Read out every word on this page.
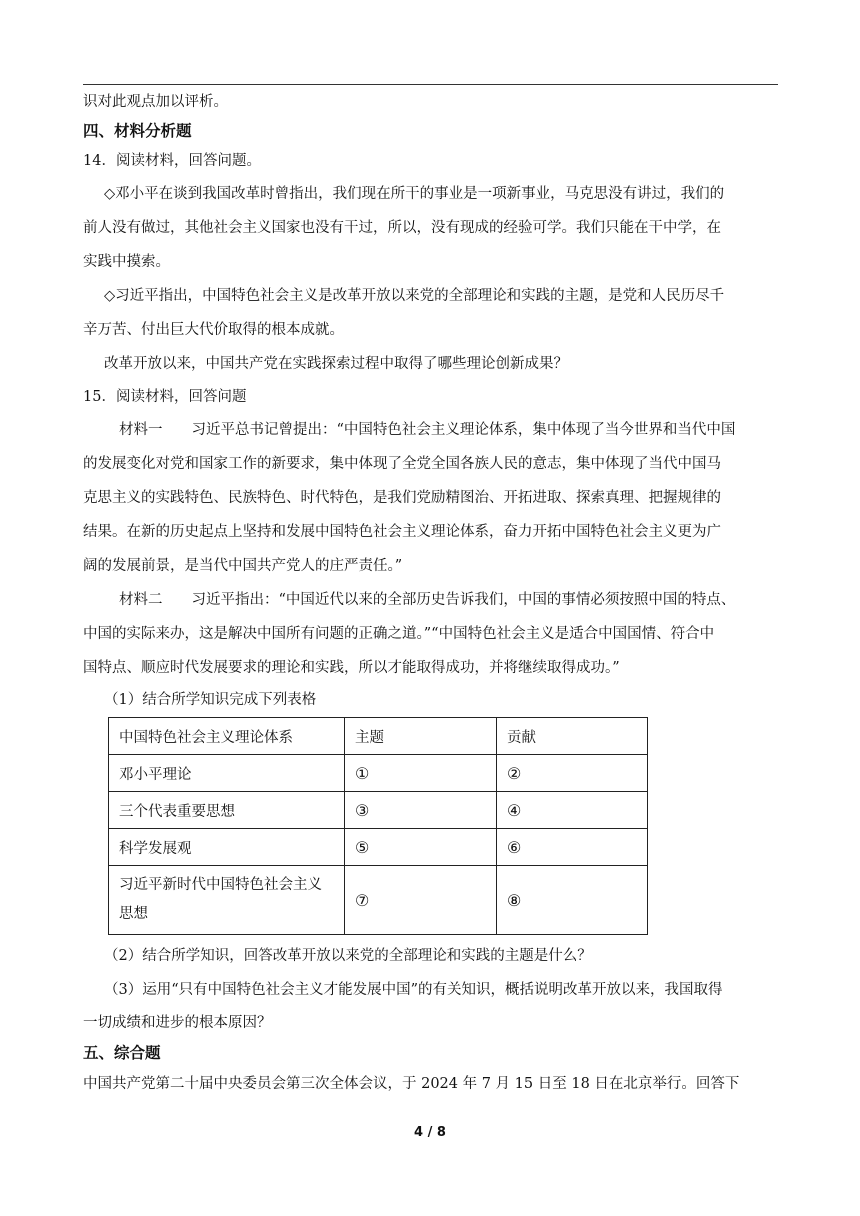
识对此观点加以评析。
四、材料分析题
14．阅读材料，回答问题。
◇邓小平在谈到我国改革时曾指出，我们现在所干的事业是一项新事业，马克思没有讲过，我们的
前人没有做过，其他社会主义国家也没有干过，所以，没有现成的经验可学。我们只能在干中学，在
实践中摸索。
◇习近平指出，中国特色社会主义是改革开放以来党的全部理论和实践的主题，是党和人民历尽千
辛万苦、付出巨大代价取得的根本成就。
改革开放以来，中国共产党在实践探索过程中取得了哪些理论创新成果？
15．阅读材料，回答问题
材料一　　习近平总书记曾提出：“中国特色社会主义理论体系，集中体现了当今世界和当代中国
的发展变化对党和国家工作的新要求，集中体现了全党全国各族人民的意志，集中体现了当代中国马
克思主义的实践特色、民族特色、时代特色，是我们党励精图治、开拓进取、探索真理、把握规律的
结果。在新的历史起点上坚持和发展中国特色社会主义理论体系，奋力开拓中国特色社会主义更为广
阔的发展前景，是当代中国共产党人的庄严责任。”
材料二　　习近平指出：“中国近代以来的全部历史告诉我们，中国的事情必须按照中国的特点、
中国的实际来办，这是解决中国所有问题的正确之道。”“中国特色社会主义是适合中国国情、符合中
国特点、顺应时代发展要求的理论和实践，所以才能取得成功，并将继续取得成功。”
（1）结合所学知识完成下列表格
中国特色社会主义理论体系	主题	贡献
邓小平理论	①	②
三个代表重要思想	③	④
科学发展观	⑤	⑥
习近平新时代中国特色社会主义思想	⑦	⑧
（2）结合所学知识，回答改革开放以来党的全部理论和实践的主题是什么？
（3）运用“只有中国特色社会主义才能发展中国”的有关知识，概括说明改革开放以来，我国取得
一切成绩和进步的根本原因？
五、综合题
中国共产党第二十届中央委员会第三次全体会议，于 2024 年 7 月 15 日至 18 日在北京举行。回答下
4 / 8
